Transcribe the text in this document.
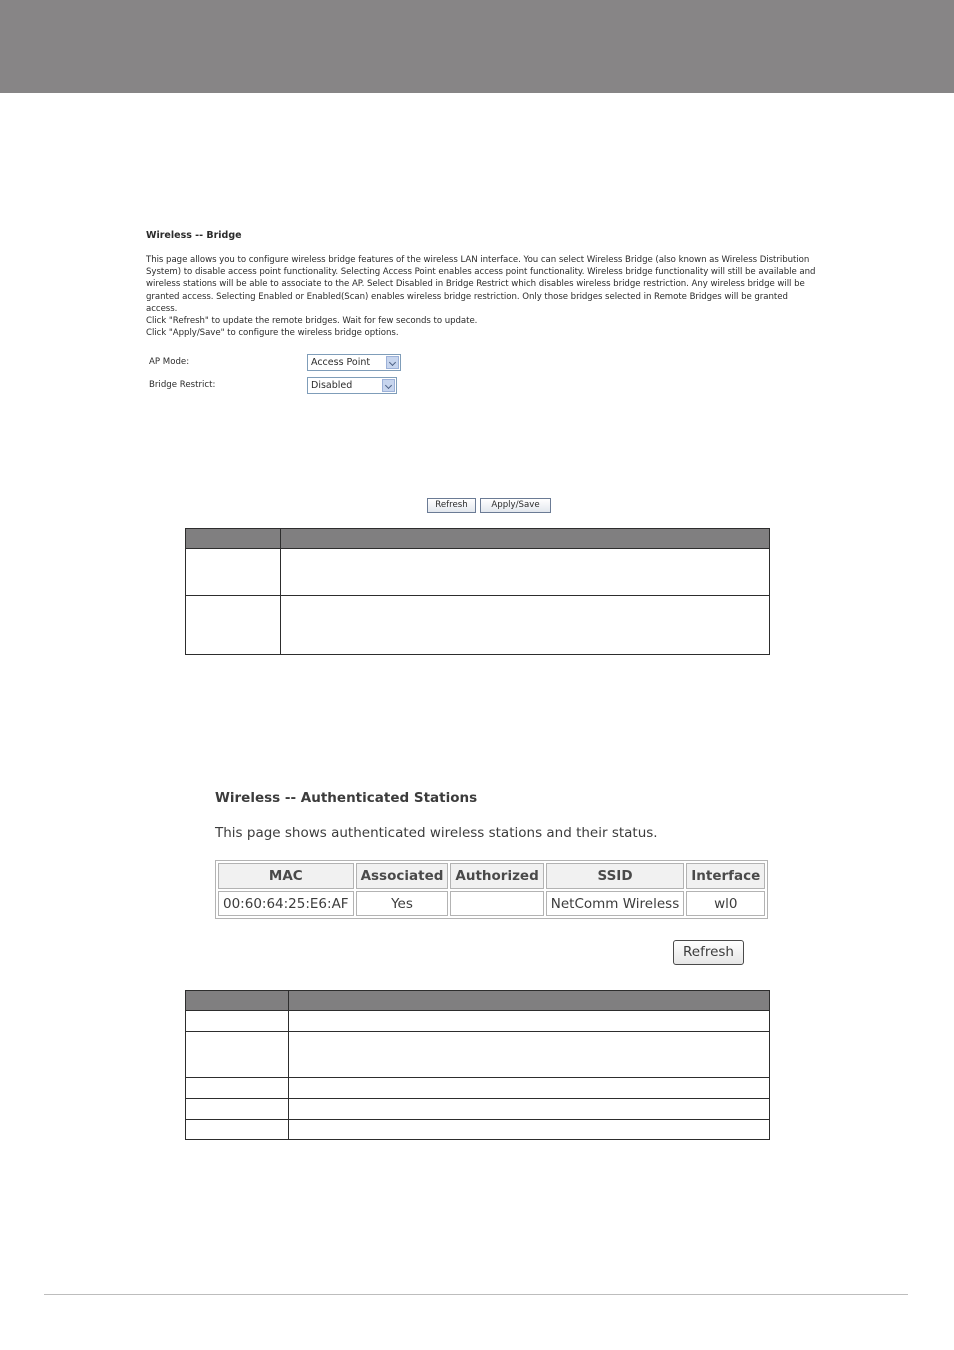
Wireless -- Bridge

This page allows you to configure wireless bridge features of the wireless LAN interface. You can select Wireless Bridge (also known as Wireless Distribution

System) to disable access point functionality. Selecting Access Point enables access point functionality. Wireless bridge functionality will still be available and

wireless stations will be able to associate to the AP. Select Disabled in Bridge Restrict which disables wireless bridge restriction. Any wireless bridge will be

granted access. Selecting Enabled or Enabled(Scan) enables wireless bridge restriction. Only those bridges selected in Remote Bridges will be granted

access.

Click "Refresh" to update the remote bridges. Wait for few seconds to update.

Click "Apply/Save" to configure the wireless bridge options.

AP Mode:	Access Point
Bridge Restrict:	Disabled
Refresh	Apply/Save

Wireless -- Authenticated Stations
This page shows authenticated wireless stations and their status.
MAC	Associated	Authorized	SSID	Interface
00:60:64:25:E6:AF	Yes		NetComm Wireless	wl0
Refresh
